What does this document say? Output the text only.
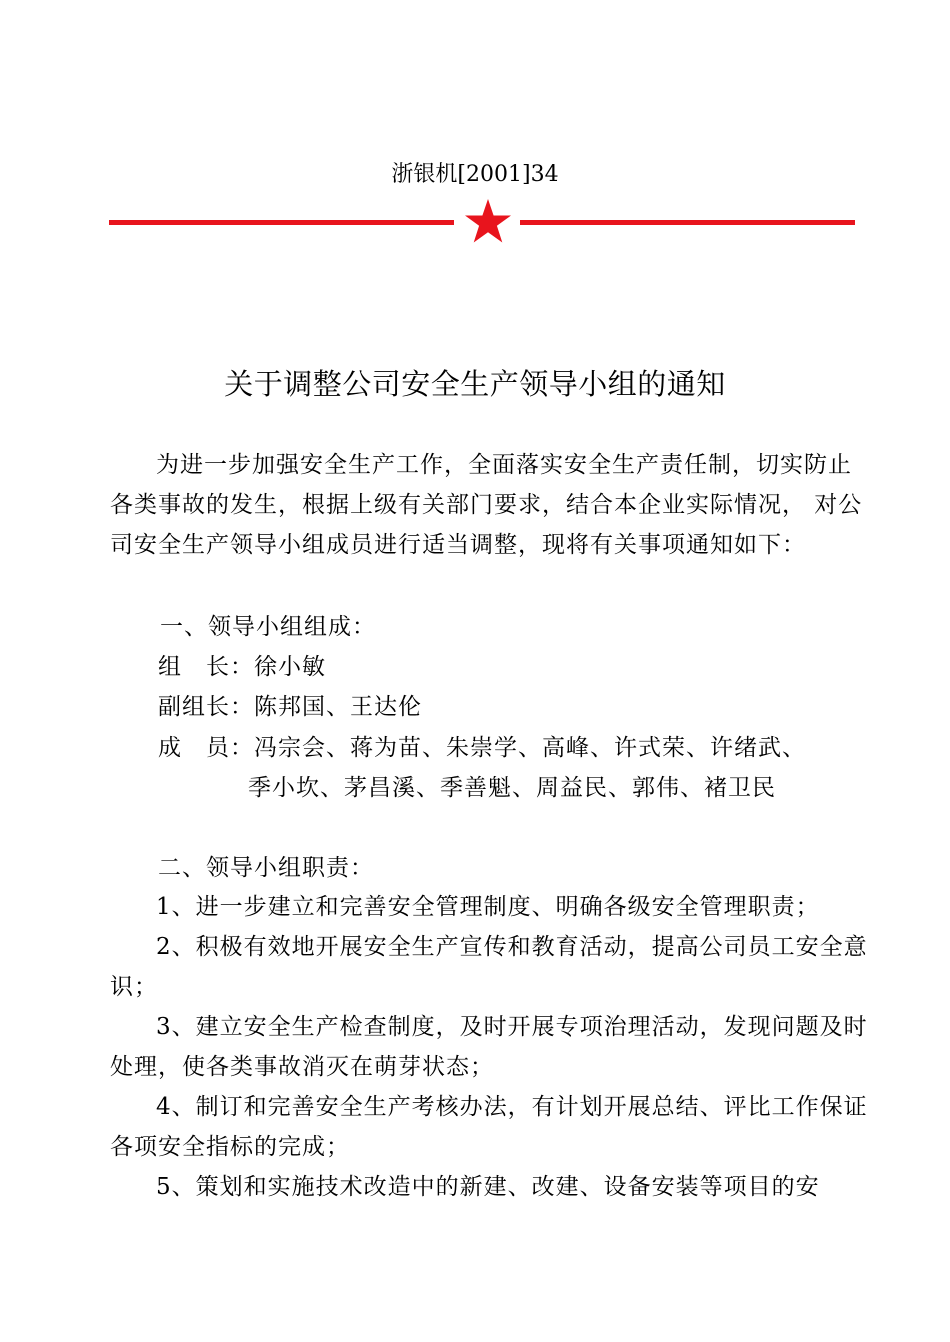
浙银机[2001]34
关于调整公司安全生产领导小组的通知

为进一步加强安全生产工作，全面落实安全生产责任制，切实防止各类事故的发生，根据上级有关部门要求，结合本企业实际情况， 对公司安全生产领导小组成员进行适当调整，现将有关事项通知如下：

一、领导小组组成：
组　长：徐小敏
副组长：陈邦国、王达伦
成　员：冯宗会、蒋为苗、朱崇学、高峰、许式荣、许绪武、
季小坎、茅昌溪、季善魁、周益民、郭伟、褚卫民
二、领导小组职责：

1、进一步建立和完善安全管理制度、明确各级安全管理职责；

2、积极有效地开展安全生产宣传和教育活动，提高公司员工安全意识；

3、建立安全生产检查制度，及时开展专项治理活动，发现问题及时处理，使各类事故消灭在萌芽状态；

4、制订和完善安全生产考核办法，有计划开展总结、评比工作保证各项安全指标的完成；

5、策划和实施技术改造中的新建、改建、设备安装等项目的安
